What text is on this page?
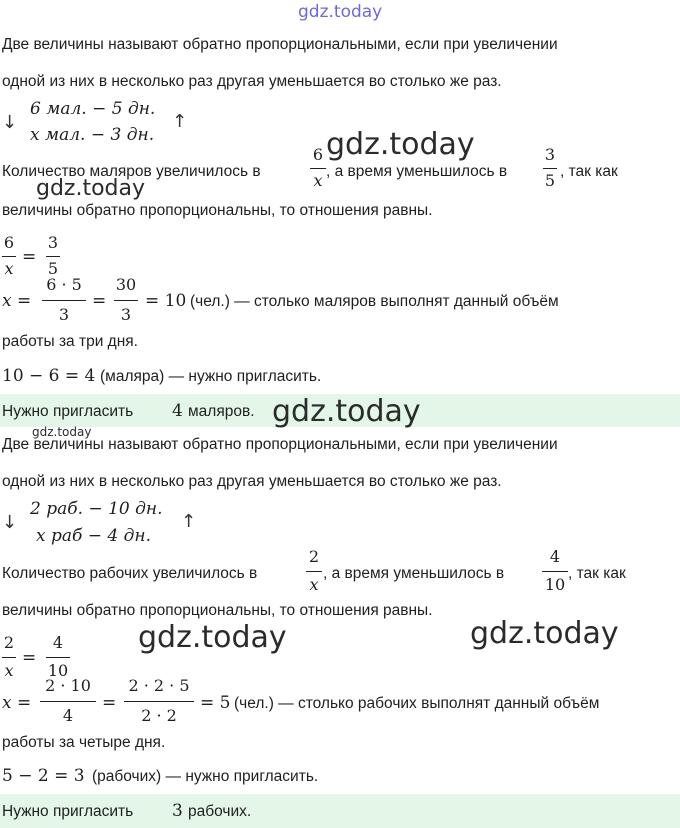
gdz.today
Две величины называют обратно пропорциональными, если при увеличении
одной из них в несколько раз другая уменьшается во столько же раз.
↓
6 мал. − 5 дн.
x мал. − 3 дн.
↑
Количество маляров увеличилось в
6
x , а время уменьшилось в
3
5 , так как
величины обратно пропорциональны, то отношения равны.
6
x
=
3
5
x =
6 · 5
3
=
30
3
= 10 (чел.) — столько маляров выполнят данный объём
работы за три дня.
10 − 6 = 4 (маляра) — нужно пригласить.
Нужно пригласить 4 маляров.
Две величины называют обратно пропорциональными, если при увеличении
одной из них в несколько раз другая уменьшается во столько же раз.
↓
2 раб. − 10 дн.
x раб − 4 дн.
↑
Количество рабочих увеличилось в
2
x
, а время уменьшилось в
4
10
, так как
величины обратно пропорциональны, то отношения равны.
2
x
=
4
10
x =
2 · 10
4
=
2 · 2 · 5
2 · 2
= 5 (чел.) — столько рабочих выполнят данный объём
работы за четыре дня.
5 − 2 = 3 (рабочих) — нужно пригласить.
Нужно пригласить 3 рабочих.
gdz.today
gdz.today
gdz.today
gdz.today
gdz.today	gdz.today
